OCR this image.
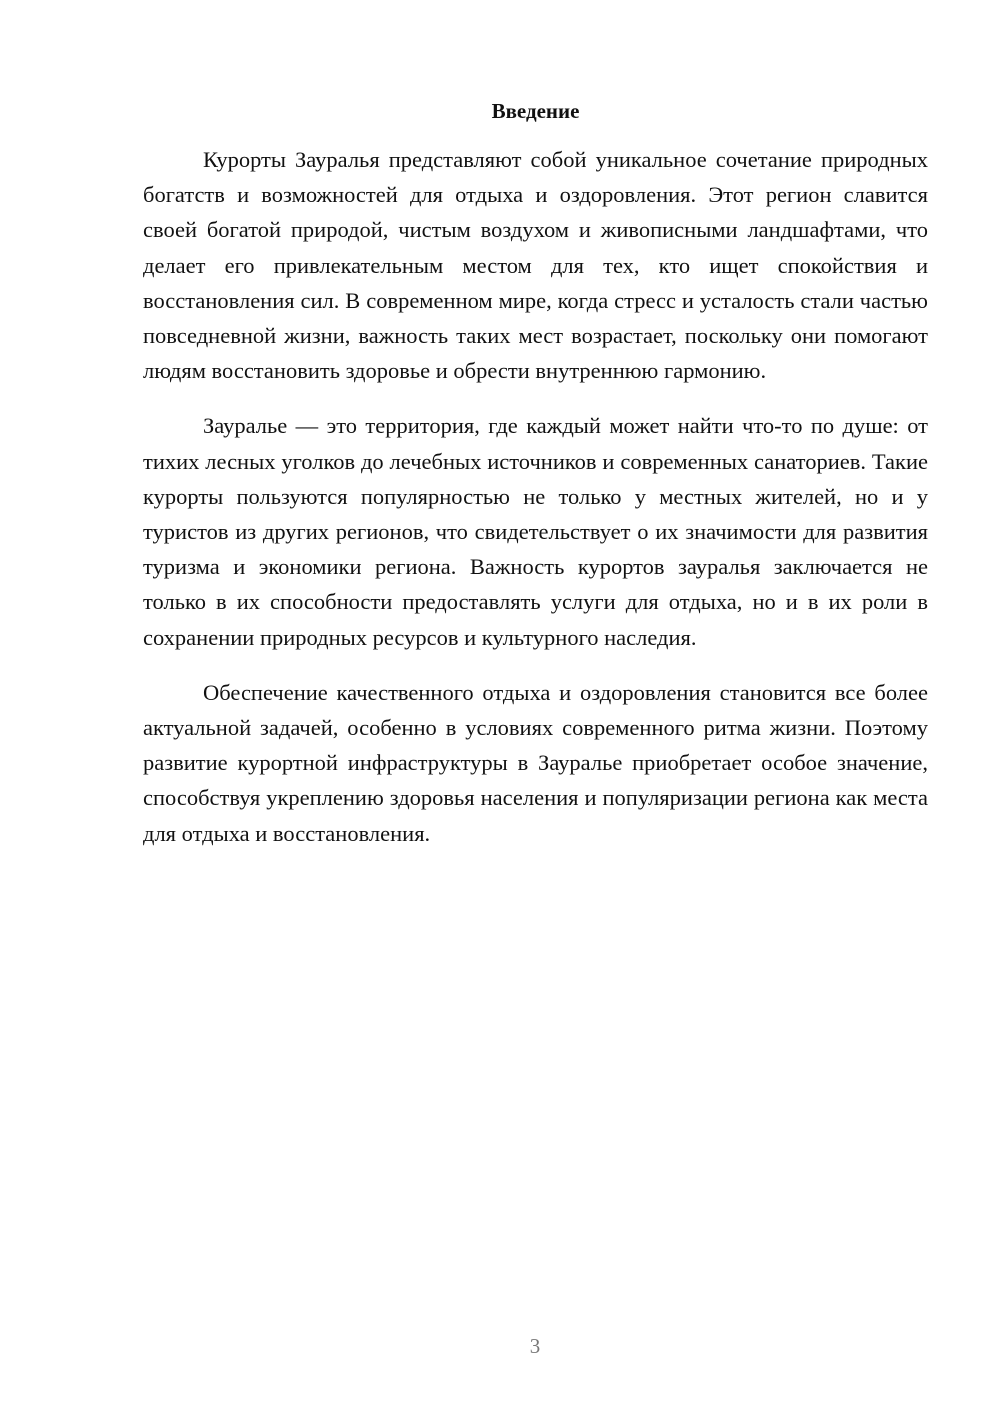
Введение

Курорты Зауралья представляют собой уникальное сочетание природных богатств и возможностей для отдыха и оздоровления. Этот регион славится своей богатой природой, чистым воздухом и живописными ландшафтами, что делает его привлекательным местом для тех, кто ищет спокойствия и восстановления сил. В современном мире, когда стресс и усталость стали частью повседневной жизни, важность таких мест возрастает, поскольку они помогают людям восстановить здоровье и обрести внутреннюю гармонию.

Зауралье — это территория, где каждый может найти что-то по душе: от тихих лесных уголков до лечебных источников и современных санаториев. Такие курорты пользуются популярностью не только у местных жителей, но и у туристов из других регионов, что свидетельствует о их значимости для развития туризма и экономики региона. Важность курортов зауралья заключается не только в их способности предоставлять услуги для отдыха, но и в их роли в сохранении природных ресурсов и культурного наследия.

Обеспечение качественного отдыха и оздоровления становится все более актуальной задачей, особенно в условиях современного ритма жизни. Поэтому развитие курортной инфраструктуры в Зауралье приобретает особое значение, способствуя укреплению здоровья населения и популяризации региона как места для отдыха и восстановления.

3
